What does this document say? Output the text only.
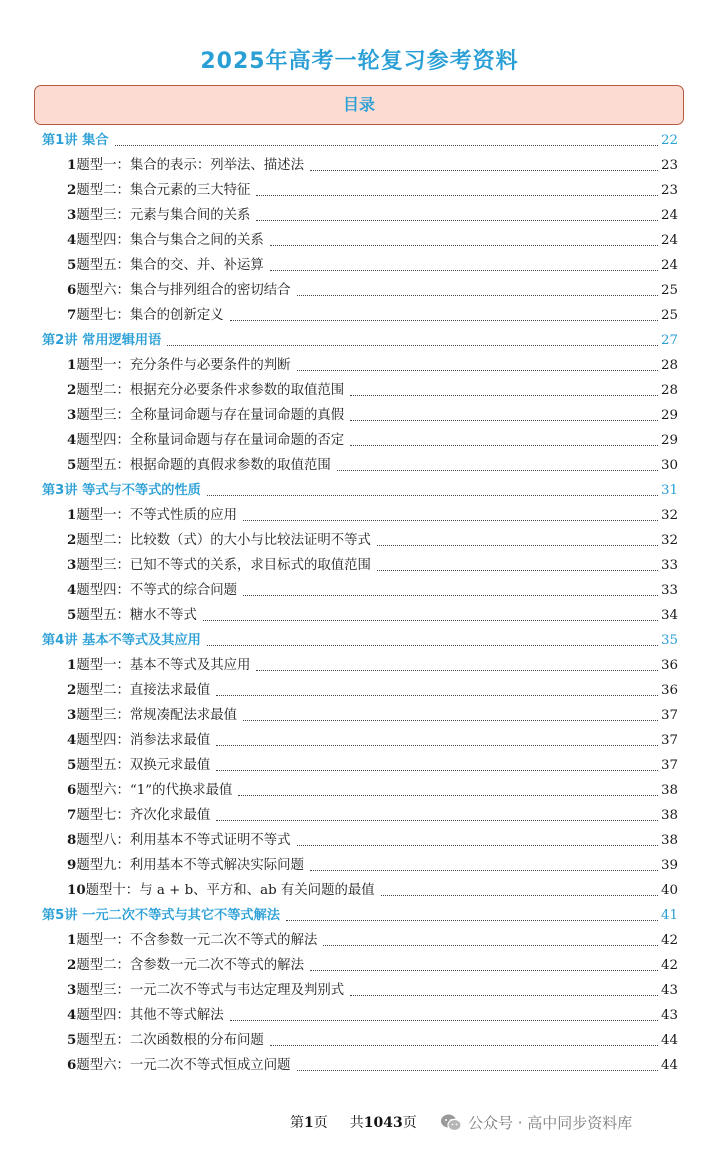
2025年高考一轮复习参考资料
目录
第1讲 集合	22
1题型一：集合的表示：列举法、描述法	23
2题型二：集合元素的三大特征	23
3题型三：元素与集合间的关系	24
4题型四：集合与集合之间的关系	24
5题型五：集合的交、并、补运算	24
6题型六：集合与排列组合的密切结合	25
7题型七：集合的创新定义	25
第2讲 常用逻辑用语	27
1题型一：充分条件与必要条件的判断	28
2题型二：根据充分必要条件求参数的取值范围	28
3题型三：全称量词命题与存在量词命题的真假	29
4题型四：全称量词命题与存在量词命题的否定	29
5题型五：根据命题的真假求参数的取值范围	30
第3讲 等式与不等式的性质	31
1题型一：不等式性质的应用	32
2题型二：比较数（式）的大小与比较法证明不等式	32
3题型三：已知不等式的关系，求目标式的取值范围	33
4题型四：不等式的综合问题	33
5题型五：糖水不等式	34
第4讲 基本不等式及其应用	35
1题型一：基本不等式及其应用	36
2题型二：直接法求最值	36
3题型三：常规凑配法求最值	37
4题型四：消参法求最值	37
5题型五：双换元求最值	37
6题型六：“1”的代换求最值	38
7题型七：齐次化求最值	38
8题型八：利用基本不等式证明不等式	38
9题型九：利用基本不等式解决实际问题	39
10题型十：与 a + b、平方和、ab 有关问题的最值	40
第5讲 一元二次不等式与其它不等式解法	41
1题型一：不含参数一元二次不等式的解法	42
2题型二：含参数一元二次不等式的解法	42
3题型三：一元二次不等式与韦达定理及判别式	43
4题型四：其他不等式解法	43
5题型五：二次函数根的分布问题	44
6题型六：一元二次不等式恒成立问题	44
第1页 共1043页	公众号 · 高中同步资料库
